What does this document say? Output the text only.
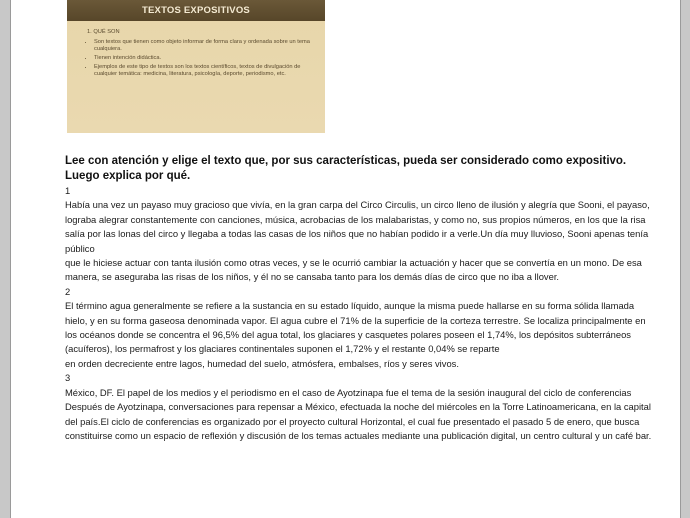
TEXTOS EXPOSITIVOS
1. QUÉ SON
• Son textos que tienen como objeto informar de forma clara y ordenada sobre un tema cualquiera.
• Tienen intención didáctica.
• Ejemplos de este tipo de textos son los textos científicos, textos de divulgación de cualquier temática: medicina, literatura, psicología, deporte, periodismo, etc.

Lee con atención y elige el texto que, por sus características, pueda ser considerado como expositivo. Luego explica por qué.

1

Había una vez un payaso muy gracioso que vivía, en la gran carpa del Circo Circulis, un circo lleno de ilusión y alegría que Sooni, el payaso, lograba alegrar constantemente con canciones, música, acrobacias de los malabaristas, y como no, sus propios números, en los que la risa salía por las lonas del circo y llegaba a todas las casas de los niños que no habían podido ir a verle.Un día muy lluvioso, Sooni apenas tenía público

que le hiciese actuar con tanta ilusión como otras veces, y se le ocurrió cambiar la actuación y hacer que se convertía en un mono. De esa manera, se aseguraba las risas de los niños, y él no se cansaba tanto para los demás días de circo que no iba a llover.

2

El término agua generalmente se refiere a la sustancia en su estado líquido, aunque la misma puede hallarse en su forma sólida llamada hielo, y en su forma gaseosa denominada vapor. El agua cubre el 71% de la superficie de la corteza terrestre. Se localiza principalmente en los océanos donde se concentra el 96,5% del agua total, los glaciares y casquetes polares poseen el 1,74%, los depósitos subterráneos (acuíferos), los permafrost y los glaciares continentales suponen el 1,72% y el restante 0,04% se reparte

en orden decreciente entre lagos, humedad del suelo, atmósfera, embalses, ríos y seres vivos.

3

México, DF. El papel de los medios y el periodismo en el caso de Ayotzinapa fue el tema de la sesión inaugural del ciclo de conferencias Después de Ayotzinapa, conversaciones para repensar a México, efectuada la noche del miércoles en la Torre Latinoamericana, en la capital del país.El ciclo de conferencias es organizado por el proyecto cultural Horizontal, el cual fue presentado el pasado 5 de enero, que busca

constituirse como un espacio de reflexión y discusión de los temas actuales mediante una publicación digital, un centro cultural y un café bar.
